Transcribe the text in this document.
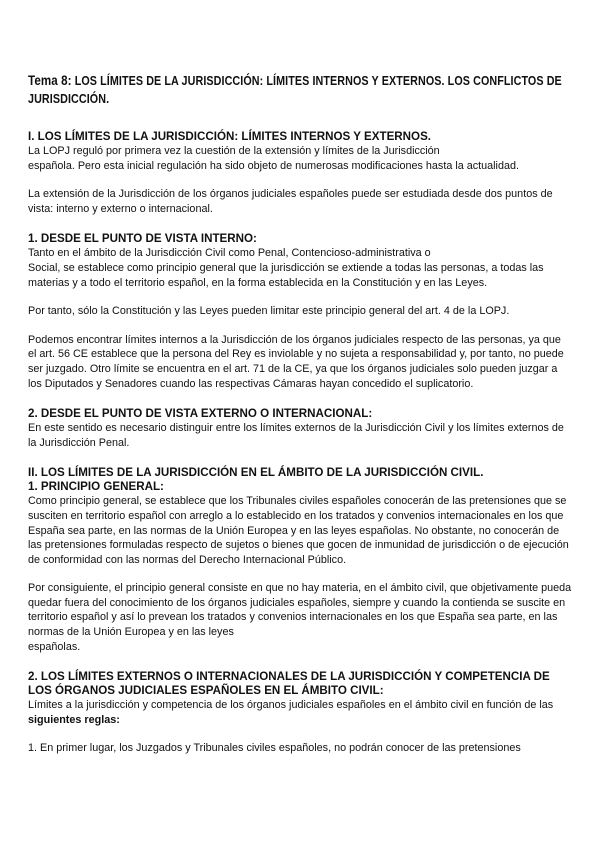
Tema 8: LOS LÍMITES DE LA JURISDICCIÓN: LÍMITES INTERNOS Y EXTERNOS. LOS CONFLICTOS DE JURISDICCIÓN.
I. LOS LÍMITES DE LA JURISDICCIÓN: LÍMITES INTERNOS Y EXTERNOS.

La LOPJ reguló por primera vez la cuestión de la extensión y límites de la Jurisdicción

española. Pero esta inicial regulación ha sido objeto de numerosas modificaciones hasta la actualidad.

La extensión de la Jurisdicción de los órganos judiciales españoles puede ser estudiada desde dos puntos de vista: interno y externo o internacional.

1. DESDE EL PUNTO DE VISTA INTERNO:

Tanto en el ámbito de la Jurisdicción Civil como Penal, Contencioso-administrativa o

Social, se establece como principio general que la jurisdicción se extiende a todas las personas, a todas las materias y a todo el territorio español, en la forma establecida en la Constitución y en las Leyes.

Por tanto, sólo la Constitución y las Leyes pueden limitar este principio general del art. 4 de la LOPJ.

Podemos encontrar límites internos a la Jurisdicción de los órganos judiciales respecto de las personas, ya que el art. 56 CE establece que la persona del Rey es inviolable y no sujeta a responsabilidad y, por tanto, no puede ser juzgado. Otro límite se encuentra en el art. 71 de la CE, ya que los órganos judiciales solo pueden juzgar a los Diputados y Senadores cuando las respectivas Cámaras hayan concedido el suplicatorio.

2. DESDE EL PUNTO DE VISTA EXTERNO O INTERNACIONAL:

En este sentido es necesario distinguir entre los límites externos de la Jurisdicción Civil y los límites externos de la Jurisdicción Penal.

II. LOS LÍMITES DE LA JURISDICCIÓN EN EL ÁMBITO DE LA JURISDICCIÓN CIVIL.
1. PRINCIPIO GENERAL:

Como principio general, se establece que los Tribunales civiles españoles conocerán de las pretensiones que se susciten en territorio español con arreglo a lo establecido en los tratados y convenios internacionales en los que España sea parte, en las normas de la Unión Europea y en las leyes españolas. No obstante, no conocerán de las pretensiones formuladas respecto de sujetos o bienes que gocen de inmunidad de jurisdicción o de ejecución de conformidad con las normas del Derecho Internacional Público.

Por consiguiente, el principio general consiste en que no hay materia, en el ámbito civil, que objetivamente pueda quedar fuera del conocimiento de los órganos judiciales españoles, siempre y cuando la contienda se suscite en territorio español y así lo prevean los tratados y convenios internacionales en los que España sea parte, en las normas de la Unión Europea y en las leyes

españolas.

2. LOS LÍMITES EXTERNOS O INTERNACIONALES DE LA JURISDICCIÓN Y COMPETENCIA DE LOS ÓRGANOS JUDICIALES ESPAÑOLES EN EL ÁMBITO CIVIL:

Límites a la jurisdicción y competencia de los órganos judiciales españoles en el ámbito civil en función de las siguientes reglas:

1. En primer lugar, los Juzgados y Tribunales civiles españoles, no podrán conocer de las pretensiones
